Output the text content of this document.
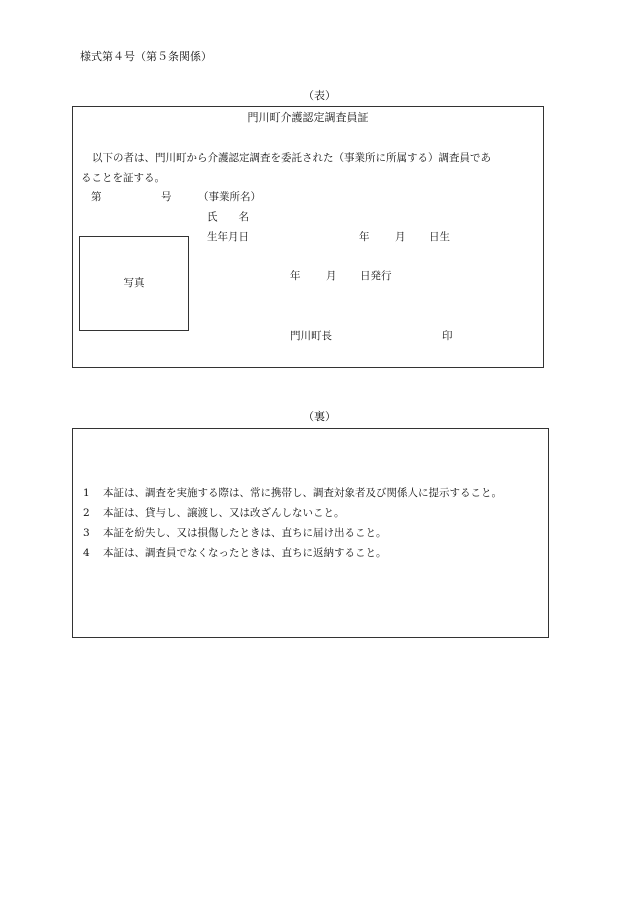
様式第４号（第５条関係）
（表）
門川町介護認定調査員証
以下の者は、門川町から介護認定調査を委託された（事業所に所属する）調査員であ
ることを証する。
第	号	（事業所名）
氏　　名
生年月日	年 月 日生
写真
年 月 日発行
門川町長	印
（裏）
1 本証は、調査を実施する際は、常に携帯し、調査対象者及び関係人に提示すること。
2 本証は、貸与し、譲渡し、又は改ざんしないこと。
3 本証を紛失し、又は損傷したときは、直ちに届け出ること。
4 本証は、調査員でなくなったときは、直ちに返納すること。
